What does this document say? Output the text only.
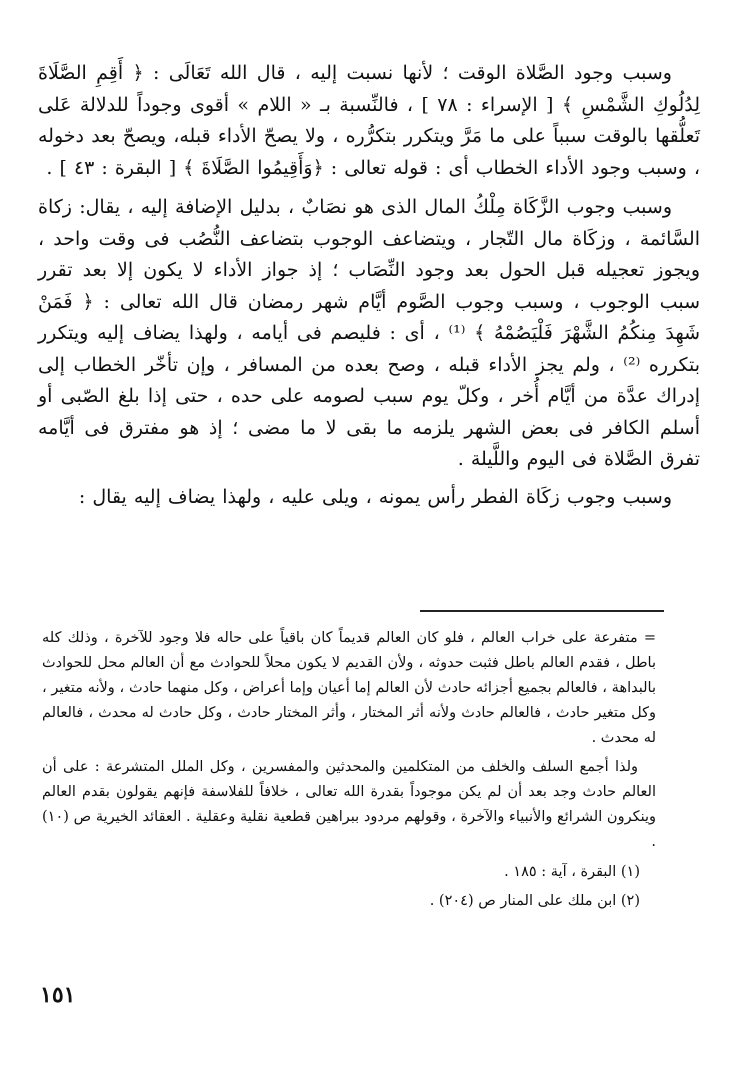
وسبب وجود الصَّلاة الوقت ؛ لأنها نسبت إليه ، قال الله تَعَالَى : ﴿ أَقِمِ الصَّلَاةَ لِدُلُوكِ الشَّمْسِ ﴾ [ الإسراء : ٧٨ ] ، فالنِّسبة بـ « اللام » أقوى وجوداً للدلالة عَلى تَعلُّقها بالوقت سبباً على ما مَرَّ ويتكرر بتكرُّره ، ولا يصحّ الأداء قبله، ويصحّ بعد دخوله ، وسبب وجود الأداء الخطاب أى : قوله تعالى : ﴿وَأَقِيمُوا الصَّلَاةَ ﴾ [ البقرة : ٤٣ ] .

وسبب وجوب الزَّكَاة مِلْكُ المال الذى هو نصَابٌ ، بدليل الإضافة إليه ، يقال: زكاة السَّائمة ، وزكَاة مال التّجار ، ويتضاعف الوجوب بتضاعف النُّصُب فى وقت واحد ، ويجوز تعجيله قبل الحول بعد وجود النِّصَاب ؛ إذ جواز الأداء لا يكون إلا بعد تقرر سبب الوجوب ، وسبب وجوب الصَّوم أيَّام شهر رمضان قال الله تعالى : ﴿ فَمَنْ شَهِدَ مِنكُمُ الشَّهْرَ فَلْيَصُمْهُ ﴾ ⁽¹⁾ ، أى : فليصم فى أيامه ، ولهذا يضاف إليه ويتكرر بتكرره ⁽²⁾ ، ولم يجز الأداء قبله ، وصح بعده من المسافر ، وإن تأخّر الخطاب إلى إدراك عدَّة من أيَّام أُخر ، وكلّ يوم سبب لصومه على حده ، حتى إذا بلغ الصّبى أو أسلم الكافر فى بعض الشهر يلزمه ما بقى لا ما مضى ؛ إذ هو مفترق فى أيَّامه تفرق الصَّلاة فى اليوم واللَّيلة .

وسبب وجوب زكَاة الفطر رأس يمونه ، ويلى عليه ، ولهذا يضاف إليه يقال :

= متفرعة على خراب العالم ، فلو كان العالم قديماً كان باقياً على حاله فلا وجود للآخرة ، وذلك كله باطل ، فقدم العالم باطل فثبت حدوثه ، ولأن القديم لا يكون محلاً للحوادث مع أن العالم محل للحوادث بالبداهة ، فالعالم بجميع أجزائه حادث لأن العالم إما أعيان وإما أعراض ، وكل منهما حادث ، ولأنه متغير ، وكل متغير حادث ، فالعالم حادث ولأنه أثر المختار ، وأثر المختار حادث ، وكل حادث له محدث ، فالعالم له محدث .

ولذا أجمع السلف والخلف من المتكلمين والمحدثين والمفسرين ، وكل الملل المتشرعة : على أن العالم حادث وجد بعد أن لم يكن موجوداً بقدرة الله تعالى ، خلافاً للفلاسفة فإنهم يقولون بقدم العالم وينكرون الشرائع والأنبياء والآخرة ، وقولهم مردود ببراهين قطعية نقلية وعقلية . العقائد الخيرية ص (١٠) .

(١) البقرة ، آية : ١٨٥ .

(٢) ابن ملك على المنار ص (٢٠٤) .

١٥١
